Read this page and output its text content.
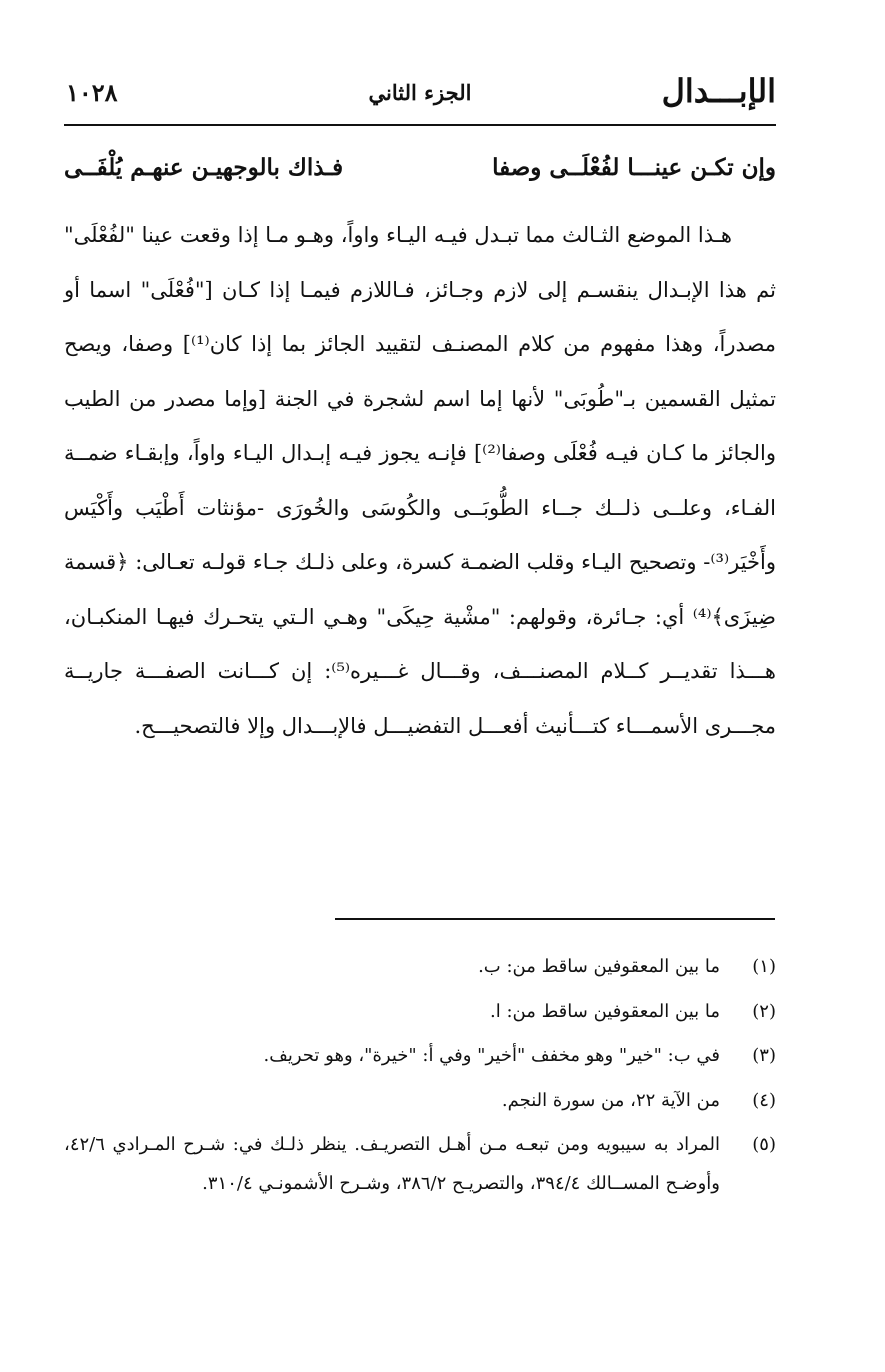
الإبـــدال
الجزء الثاني
١٠٢٨
وإن تكـن عينـــا لفُعْلَــى وصفا
فـذاك بالوجهيـن عنهـم يُلْفَــى

هـذا الموضع الثـالث مما تبـدل فيـه اليـاء واواً، وهـو مـا إذا وقعت عينا "لفُعْلَى" ثم هذا الإبـدال ينقسـم إلى لازم وجـائز، فـاللازم فيمـا إذا كـان ["فُعْلَى" اسما أو مصدراً، وهذا مفهوم من كلام المصنـف لتقييد الجائز بما إذا كان⁽¹⁾] وصفا، ويصح تمثيل القسمين بـ"طُوبَى" لأنها إما اسم لشجرة في الجنة [وإما مصدر من الطيب والجائز ما كـان فيـه فُعْلَى وصفا⁽²⁾] فإنـه يجوز فيـه إبـدال اليـاء واواً، وإبقـاء ضمــة الفـاء، وعلــى ذلــك جــاء الطُّوبَــى والكُوسَى والخُورَى -مؤنثات أَطْيَب وأَكْيَس وأَخْيَر⁽³⁾- وتصحيح اليـاء وقلب الضمـة كسرة، وعلى ذلـك جـاء قولـه تعـالى: ﴿قسمة ضِيزَى﴾⁽⁴⁾ أي: جـائرة، وقولهم: "مشْية حِيكَى" وهـي الـتي يتحـرك فيهـا المنكبـان، هـــذا تقديــر كــلام المصنـــف، وقـــال غـــيره⁽⁵⁾: إن كـــانت الصفـــة جاريــة مجـــرى الأسمـــاء كتـــأنيث أفعـــل التفضيـــل فالإبـــدال وإلا فالتصحيـــح.

(١)
ما بين المعقوفين ساقط من: ب.
(٢)
ما بين المعقوفين ساقط من: ا.
(٣)
في ب: "خير" وهو مخفف "أخير" وفي أ: "خيرة"، وهو تحريف.
(٤)
من الآية ٢٢، من سورة النجم.
(٥)
المراد به سيبويه ومن تبعـه مـن أهـل التصريـف. ينظر ذلـك في: شـرح المـرادي ٤٢/٦، وأوضـح المســالك ٣٩٤/٤، والتصريـح ٣٨٦/٢، وشـرح الأشمونـي ٣١٠/٤.
